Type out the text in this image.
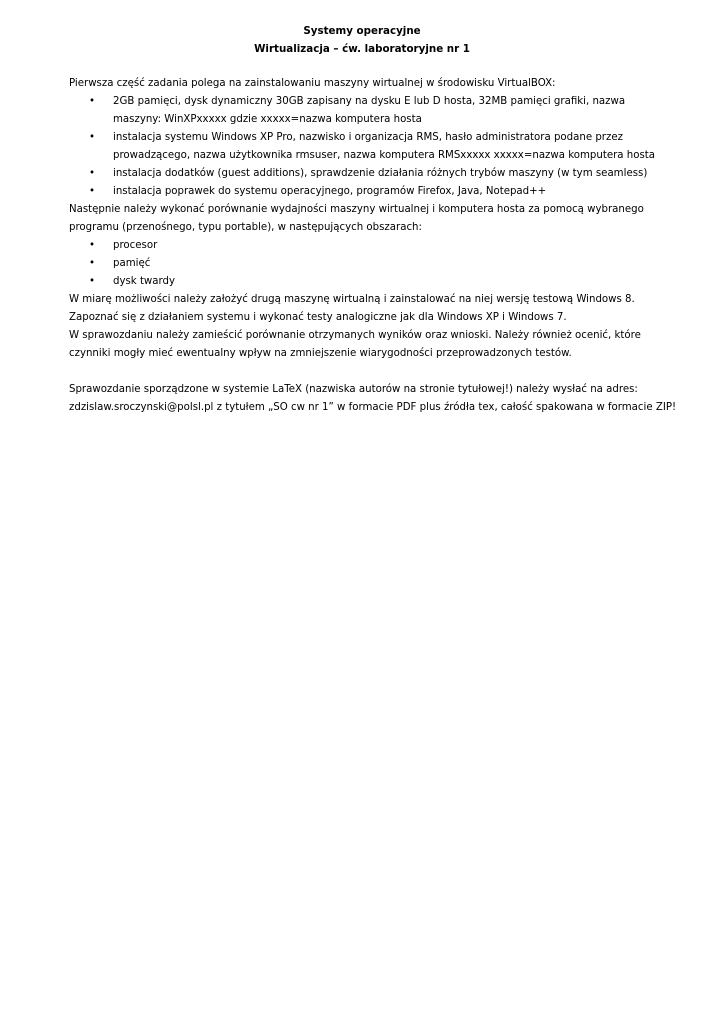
Systemy operacyjne
Wirtualizacja – ćw. laboratoryjne nr 1
Pierwsza część zadania polega na zainstalowaniu maszyny wirtualnej w środowisku VirtualBOX:
• 2GB pamięci, dysk dynamiczny 30GB zapisany na dysku E lub D hosta, 32MB pamięci grafiki, nazwa
maszyny: WinXPxxxxx gdzie xxxxx=nazwa komputera hosta
• instalacja systemu Windows XP Pro, nazwisko i organizacja RMS, hasło administratora podane przez
prowadzącego, nazwa użytkownika rmsuser, nazwa komputera RMSxxxxx xxxxx=nazwa komputera hosta
• instalacja dodatków (guest additions), sprawdzenie działania różnych trybów maszyny (w tym seamless)
• instalacja poprawek do systemu operacyjnego, programów Firefox, Java, Notepad++
Następnie należy wykonać porównanie wydajności maszyny wirtualnej i komputera hosta za pomocą wybranego
programu (przenośnego, typu portable), w następujących obszarach:
• procesor
• pamięć
• dysk twardy
W miarę możliwości należy założyć drugą maszynę wirtualną i zainstalować na niej wersję testową Windows 8.
Zapoznać się z działaniem systemu i wykonać testy analogiczne jak dla Windows XP i Windows 7.
W sprawozdaniu należy zamieścić porównanie otrzymanych wyników oraz wnioski. Należy również ocenić, które
czynniki mogły mieć ewentualny wpływ na zmniejszenie wiarygodności przeprowadzonych testów.
Sprawozdanie sporządzone w systemie LaTeX (nazwiska autorów na stronie tytułowej!) należy wysłać na adres:
zdzislaw.sroczynski@polsl.pl z tytułem „SO cw nr 1” w formacie PDF plus źródła tex, całość spakowana w formacie ZIP!
